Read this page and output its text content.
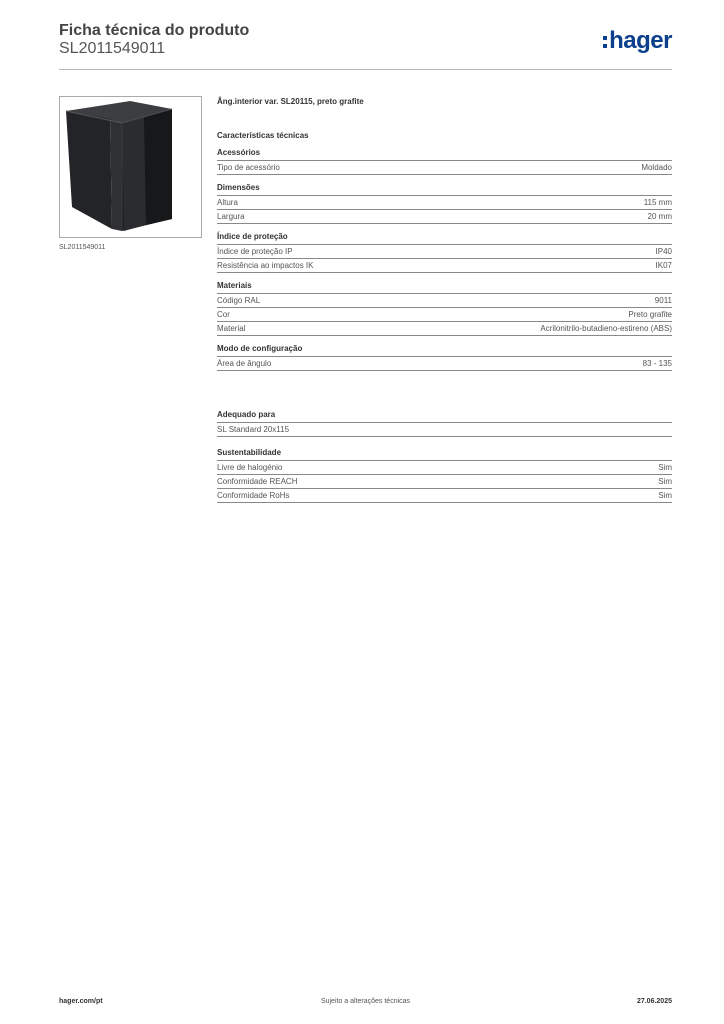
Ficha técnica do produto
SL2011549011	hager
SL2011549011
Âng.interior var. SL20115, preto grafite
Características técnicas
Acessórios
Tipo de acessório	Moldado
Dimensões
Altura	115 mm
Largura	20 mm
Índice de proteção
Índice de proteção IP	IP40
Resistência ao impactos IK	IK07
Materiais
Código RAL	9011
Cor	Preto grafite
Material	Acrilonitrilo-butadieno-estireno (ABS)
Modo de configuração
Área de ângulo	83 - 135
Adequado para
SL Standard 20x115
Sustentabilidade
Livre de halogénio	Sim
Conformidade REACH	Sim
Conformidade RoHs	Sim
hager.com/pt	Sujeito a alterações técnicas	27.06.2025
